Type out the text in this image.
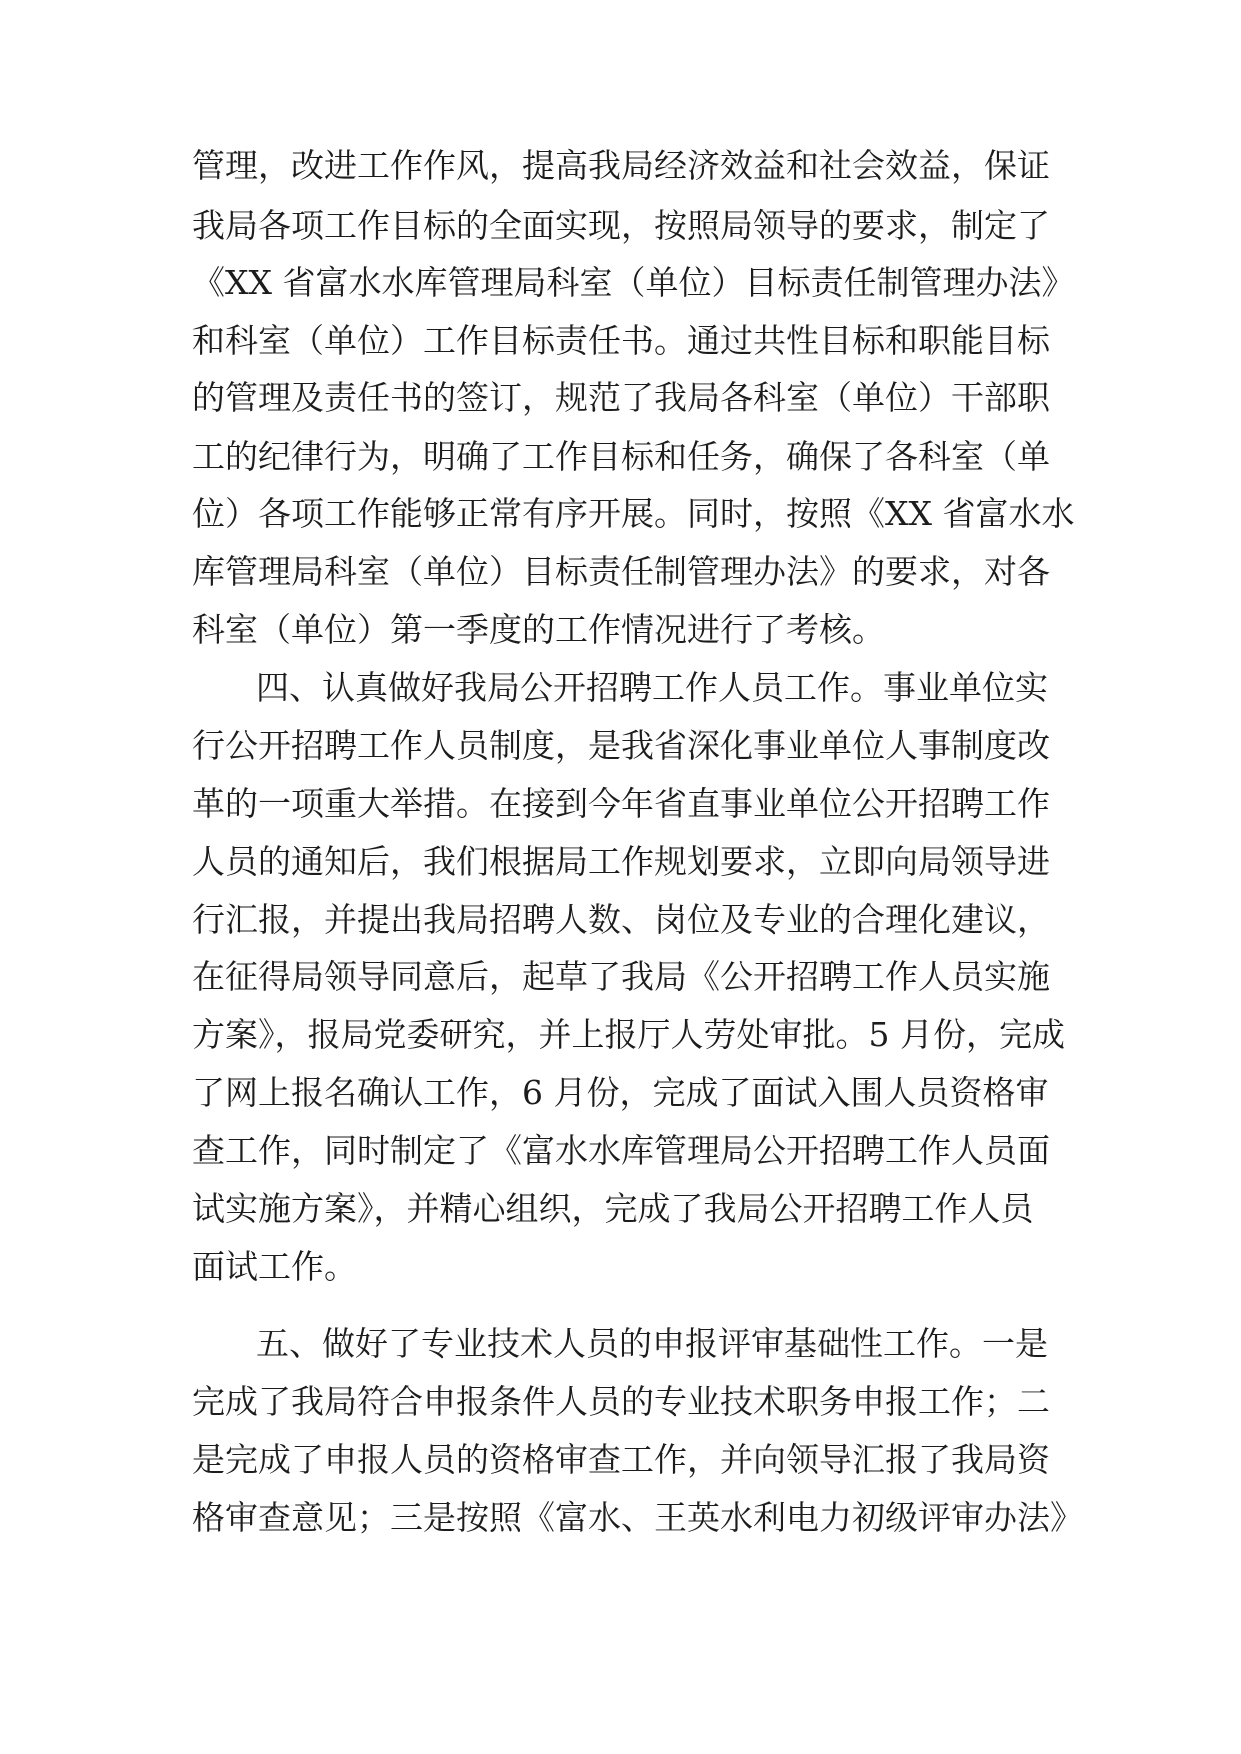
管理，改进工作作风，提高我局经济效益和社会效益，保证
我局各项工作目标的全面实现，按照局领导的要求，制定了
《XX 省富水水库管理局科室（单位）目标责任制管理办法》
和科室（单位）工作目标责任书。通过共性目标和职能目标
的管理及责任书的签订，规范了我局各科室（单位）干部职
工的纪律行为，明确了工作目标和任务，确保了各科室（单
位）各项工作能够正常有序开展。同时，按照《XX 省富水水
库管理局科室（单位）目标责任制管理办法》的要求，对各
科室（单位）第一季度的工作情况进行了考核。
四、认真做好我局公开招聘工作人员工作。事业单位实
行公开招聘工作人员制度，是我省深化事业单位人事制度改
革的一项重大举措。在接到今年省直事业单位公开招聘工作
人员的通知后，我们根据局工作规划要求，立即向局领导进
行汇报，并提出我局招聘人数、岗位及专业的合理化建议，
在征得局领导同意后，起草了我局《公开招聘工作人员实施
方案》，报局党委研究，并上报厅人劳处审批。5 月份，完成
了网上报名确认工作，6 月份，完成了面试入围人员资格审
查工作，同时制定了《富水水库管理局公开招聘工作人员面
试实施方案》，并精心组织，完成了我局公开招聘工作人员
面试工作。
五、做好了专业技术人员的申报评审基础性工作。一是
完成了我局符合申报条件人员的专业技术职务申报工作；二
是完成了申报人员的资格审查工作，并向领导汇报了我局资
格审查意见；三是按照《富水、王英水利电力初级评审办法》
